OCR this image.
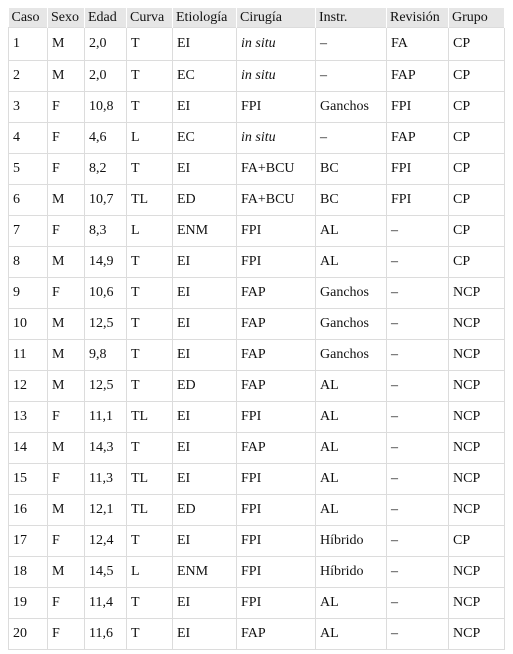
Caso	Sexo	Edad	Curva	Etiología	Cirugía	Instr.	Revisión	Grupo
1	M	2,0	T	EI	in situ	–	FA	CP
2	M	2,0	T	EC	in situ	–	FAP	CP
3	F	10,8	T	EI	FPI	Ganchos	FPI	CP
4	F	4,6	L	EC	in situ	–	FAP	CP
5	F	8,2	T	EI	FA+BCU	BC	FPI	CP
6	M	10,7	TL	ED	FA+BCU	BC	FPI	CP
7	F	8,3	L	ENM	FPI	AL	–	CP
8	M	14,9	T	EI	FPI	AL	–	CP
9	F	10,6	T	EI	FAP	Ganchos	–	NCP
10	M	12,5	T	EI	FAP	Ganchos	–	NCP
11	M	9,8	T	EI	FAP	Ganchos	–	NCP
12	M	12,5	T	ED	FAP	AL	–	NCP
13	F	11,1	TL	EI	FPI	AL	–	NCP
14	M	14,3	T	EI	FAP	AL	–	NCP
15	F	11,3	TL	EI	FPI	AL	–	NCP
16	M	12,1	TL	ED	FPI	AL	–	NCP
17	F	12,4	T	EI	FPI	Híbrido	–	CP
18	M	14,5	L	ENM	FPI	Híbrido	–	NCP
19	F	11,4	T	EI	FPI	AL	–	NCP
20	F	11,6	T	EI	FAP	AL	–	NCP
